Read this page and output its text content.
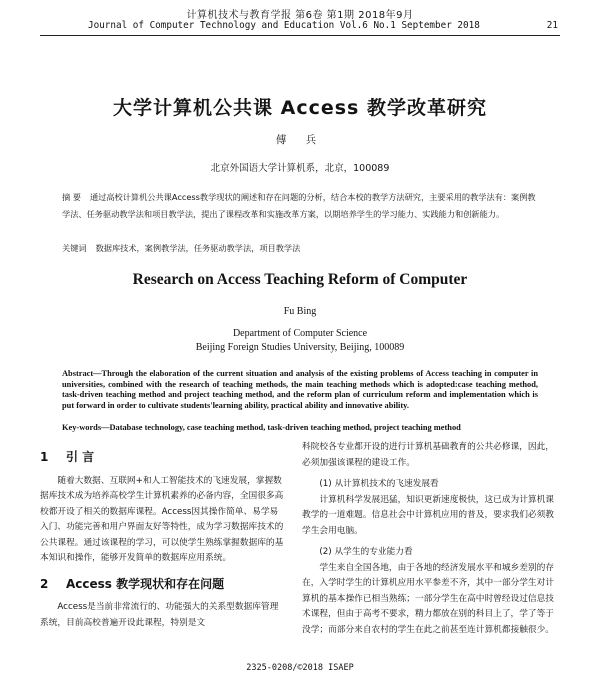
计算机技术与教育学报 第6卷 第1期 2018年9月
Journal of Computer Technology and Education Vol.6 No.1 September 2018	21
大学计算机公共课 Access 教学改革研究
傅 兵
北京外国语大学计算机系，北京，100089
摘 要 通过高校计算机公共课Access教学现状的阐述和存在问题的分析，结合本校的教学方法研究，主要采用的教学法有：案例教学法、任务驱动教学法和项目教学法，提出了课程改革和实施改革方案，以期培养学生的学习能力、实践能力和创新能力。
关键词 数据库技术，案例教学法，任务驱动教学法，项目教学法
Research on Access Teaching Reform of Computer
Fu Bing
Department of Computer Science
Beijing Foreign Studies University, Beijing, 100089
Abstract—Through the elaboration of the current situation and analysis of the existing problems of Access teaching in computer in universities, combined with the research of teaching methods, the main teaching methods which is adopted:case teaching method, task-driven teaching method and project teaching method, and the reform plan of curriculum reform and implementation which is put forward in order to cultivate students'learning ability, practical ability and innovative ability.
Key-words—Database technology, case teaching method, task-driven teaching method, project teaching method

1 引 言

随着大数据、互联网+和人工智能技术的飞速发展，掌握数据库技术成为培养高校学生计算机素养的必备内容，全国很多高校都开设了相关的数据库课程。Access因其操作简单、易学易入门、功能完善和用户界面友好等特性，成为学习数据库技术的公共课程。通过该课程的学习，可以使学生熟练掌握数据库的基本知识和操作，能够开发简单的数据库应用系统。

2 Access 教学现状和存在问题

Access是当前非常流行的、功能强大的关系型数据库管理系统，目前高校普遍开设此课程，特别是文

科院校各专业都开设的进行计算机基础教育的公共必修课，因此，必须加强该课程的建设工作。

(1) 从计算机技术的飞速发展看

计算机科学发展迅猛，知识更新速度极快，这已成为计算机课教学的一道难题。信息社会中计算机应用的普及，要求我们必须教学生会用电脑。

(2) 从学生的专业能力看

学生来自全国各地，由于各地的经济发展水平和城乡差别的存在，入学时学生的计算机应用水平参差不齐，其中一部分学生对计算机的基本操作已相当熟练；一部分学生在高中时曾经设过信息技术课程，但由于高考不要求，精力都放在别的科目上了，学了等于没学；而部分来自农村的学生在此之前甚至连计算机都接触很少。

2325-0208/©2018 ISAEP
